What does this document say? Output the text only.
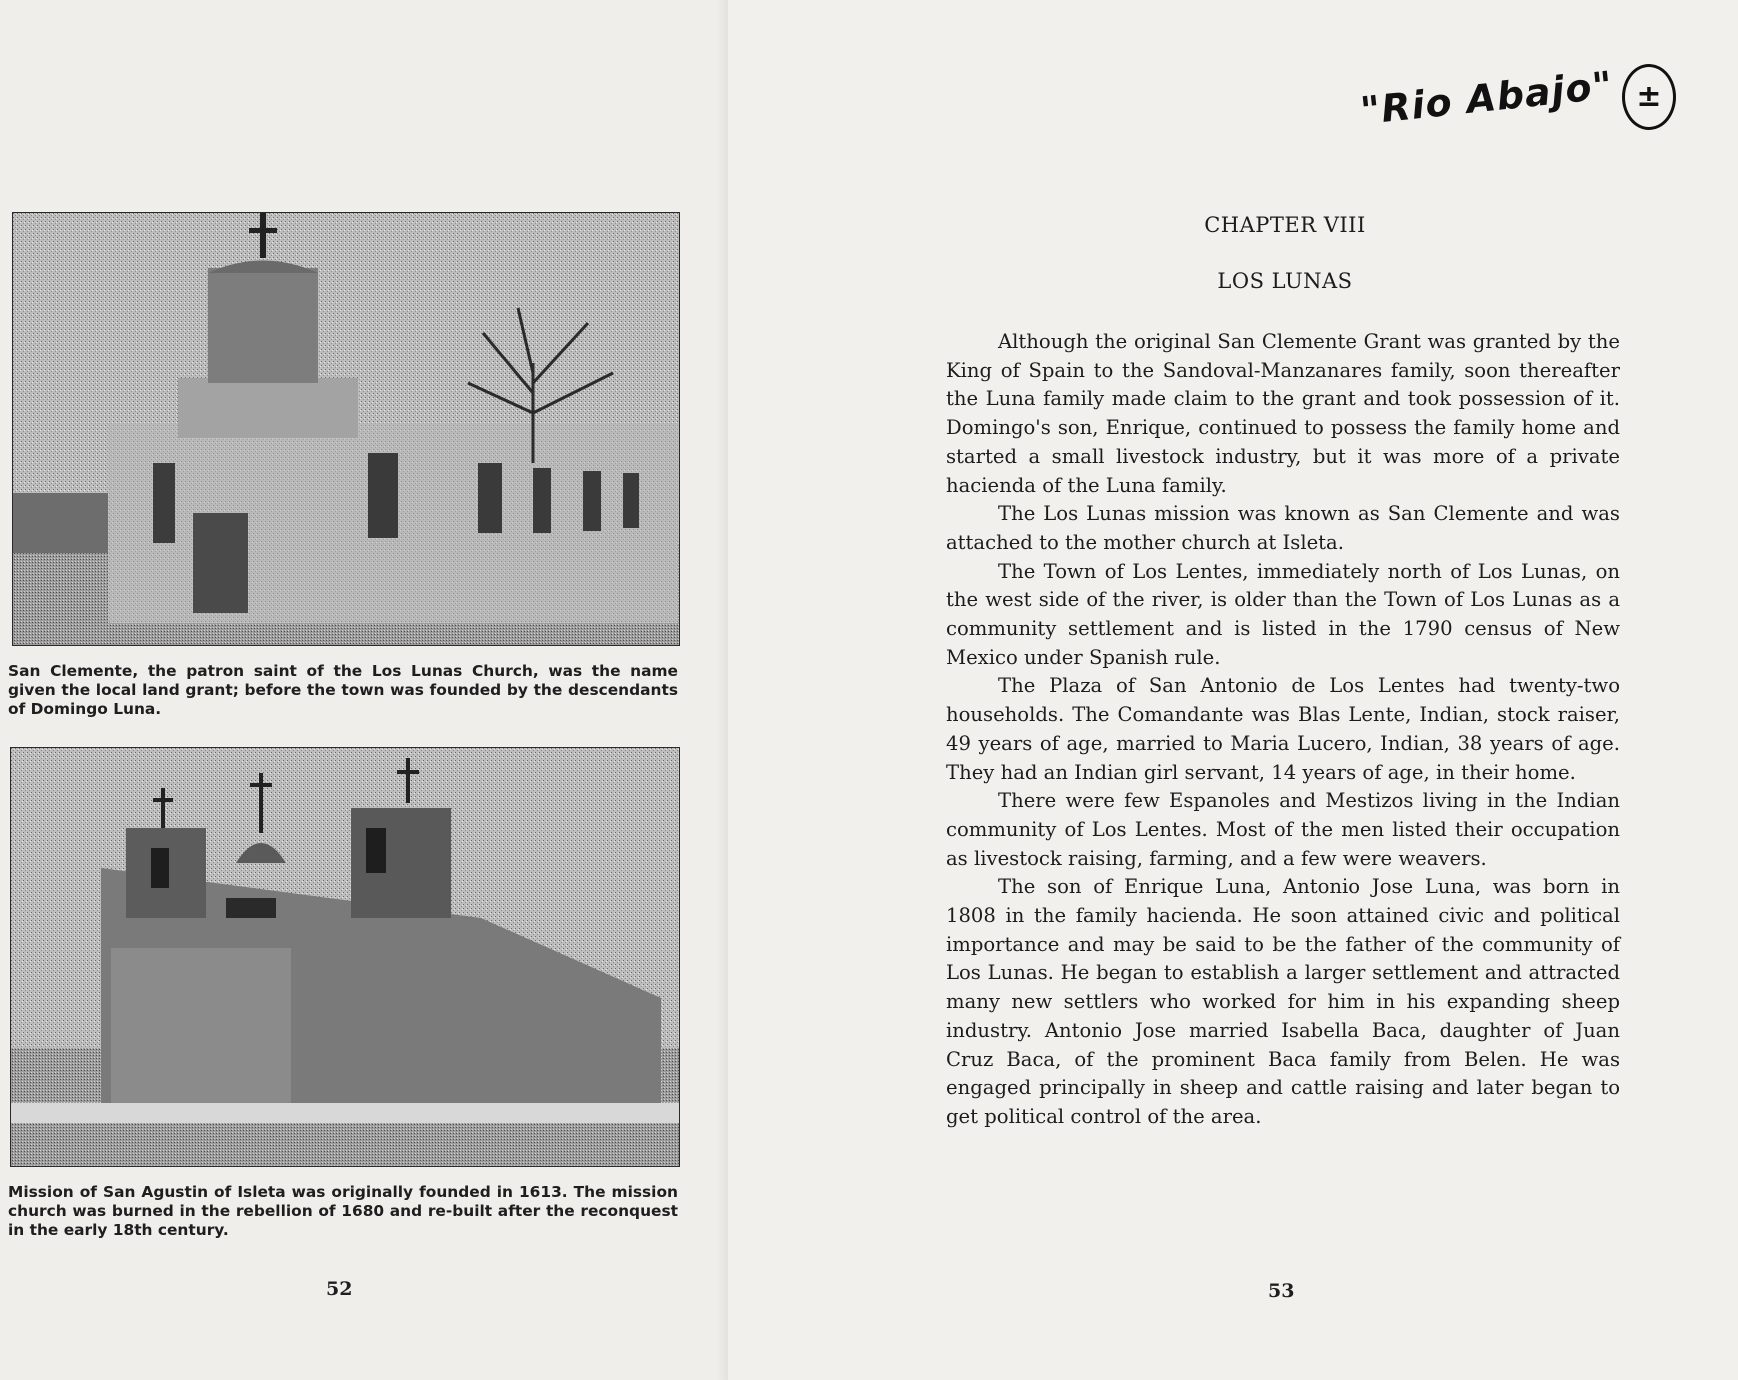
San Clemente, the patron saint of the Los Lunas Church, was the name given the local land grant; before the town was founded by the descendants of Domingo Luna.

Mission of San Agustin of Isleta was originally founded in 1613. The mission church was burned in the rebellion of 1680 and re-built after the reconquest in the early 18th century.

52
"Rio Abajo" ±
CHAPTER VIII
LOS LUNAS

Although the original San Clemente Grant was granted by the King of Spain to the Sandoval-Manzanares family, soon thereafter the Luna family made claim to the grant and took possession of it. Domingo's son, Enrique, continued to possess the family home and started a small livestock industry, but it was more of a private hacienda of the Luna family.

The Los Lunas mission was known as San Clemente and was attached to the mother church at Isleta.

The Town of Los Lentes, immediately north of Los Lunas, on the west side of the river, is older than the Town of Los Lunas as a community settlement and is listed in the 1790 census of New Mexico under Spanish rule.

The Plaza of San Antonio de Los Lentes had twenty-two households. The Comandante was Blas Lente, Indian, stock raiser, 49 years of age, married to Maria Lucero, Indian, 38 years of age. They had an Indian girl servant, 14 years of age, in their home.

There were few Espanoles and Mestizos living in the Indian community of Los Lentes. Most of the men listed their occupation as livestock raising, farming, and a few were weavers.

The son of Enrique Luna, Antonio Jose Luna, was born in 1808 in the family hacienda. He soon attained civic and political importance and may be said to be the father of the community of Los Lunas. He began to establish a larger settlement and attracted many new settlers who worked for him in his expanding sheep industry. Antonio Jose married Isabella Baca, daughter of Juan Cruz Baca, of the prominent Baca family from Belen. He was engaged principally in sheep and cattle raising and later began to get political control of the area.

53
